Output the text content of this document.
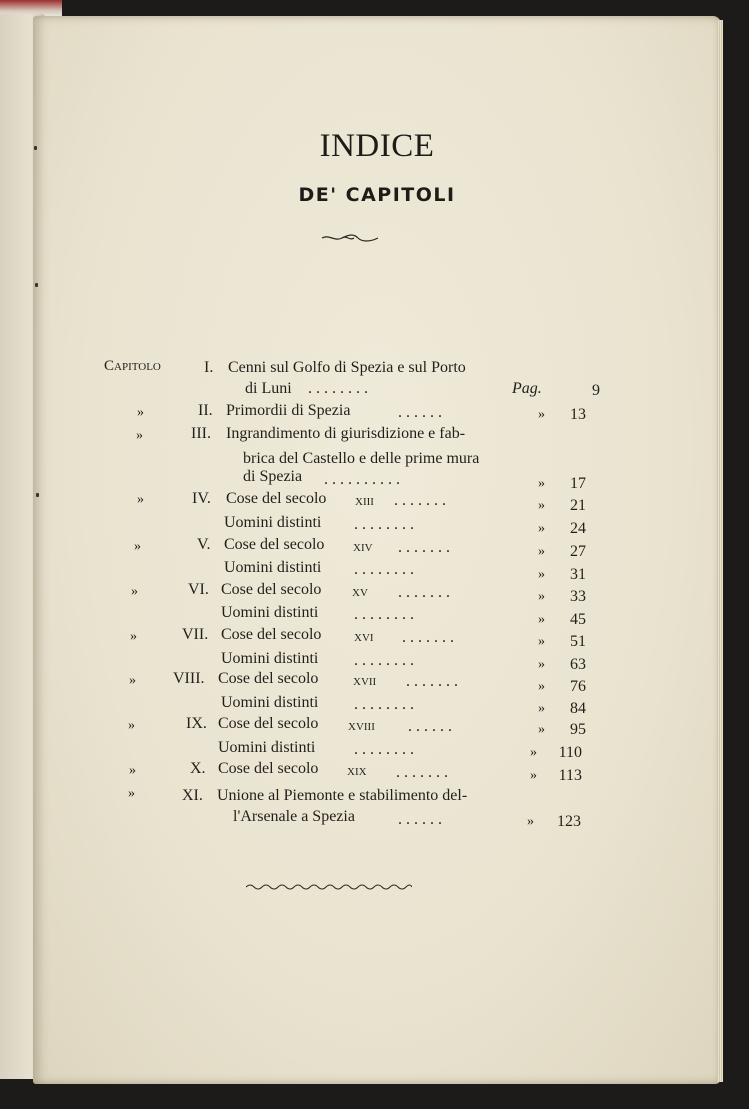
INDICE
DE' CAPITOLI
Capitolo	I. Cenni sul Golfo di Spezia e sul Porto
di Luni . . . . . . . .	Pag.	9
»	II. Primordii di Spezia	. . . . . .	»	13
»	III. Ingrandimento di giurisdizione e fab-
brica del Castello e delle prime mura
di Spezia . . . . . . . . . .	»	17
»	IV. Cose del secolo xiii . . . . . . .	»	21
Uomini distinti . . . . . . . .	»	24
»	V. Cose del secolo xiv . . . . . . .	»	27
Uomini distinti . . . . . . . .	»	31
»	VI. Cose del secolo xv . . . . . . .	»	33
Uomini distinti . . . . . . . .	»	45
»	VII. Cose del secolo xvi . . . . . . .	»	51
Uomini distinti . . . . . . . .	»	63
» VIII. Cose del secolo xvii . . . . . . .	»	76
Uomini distinti . . . . . . . .	»	84
»	IX. Cose del secolo xviii . . . . . .	»	95
Uomini distinti . . . . . . . .	»	110
»	X. Cose del secolo xix . . . . . . .	»	113
»	XI. Unione al Piemonte e stabilimento del-
l'Arsenale a Spezia	. . . . . .	»	123
